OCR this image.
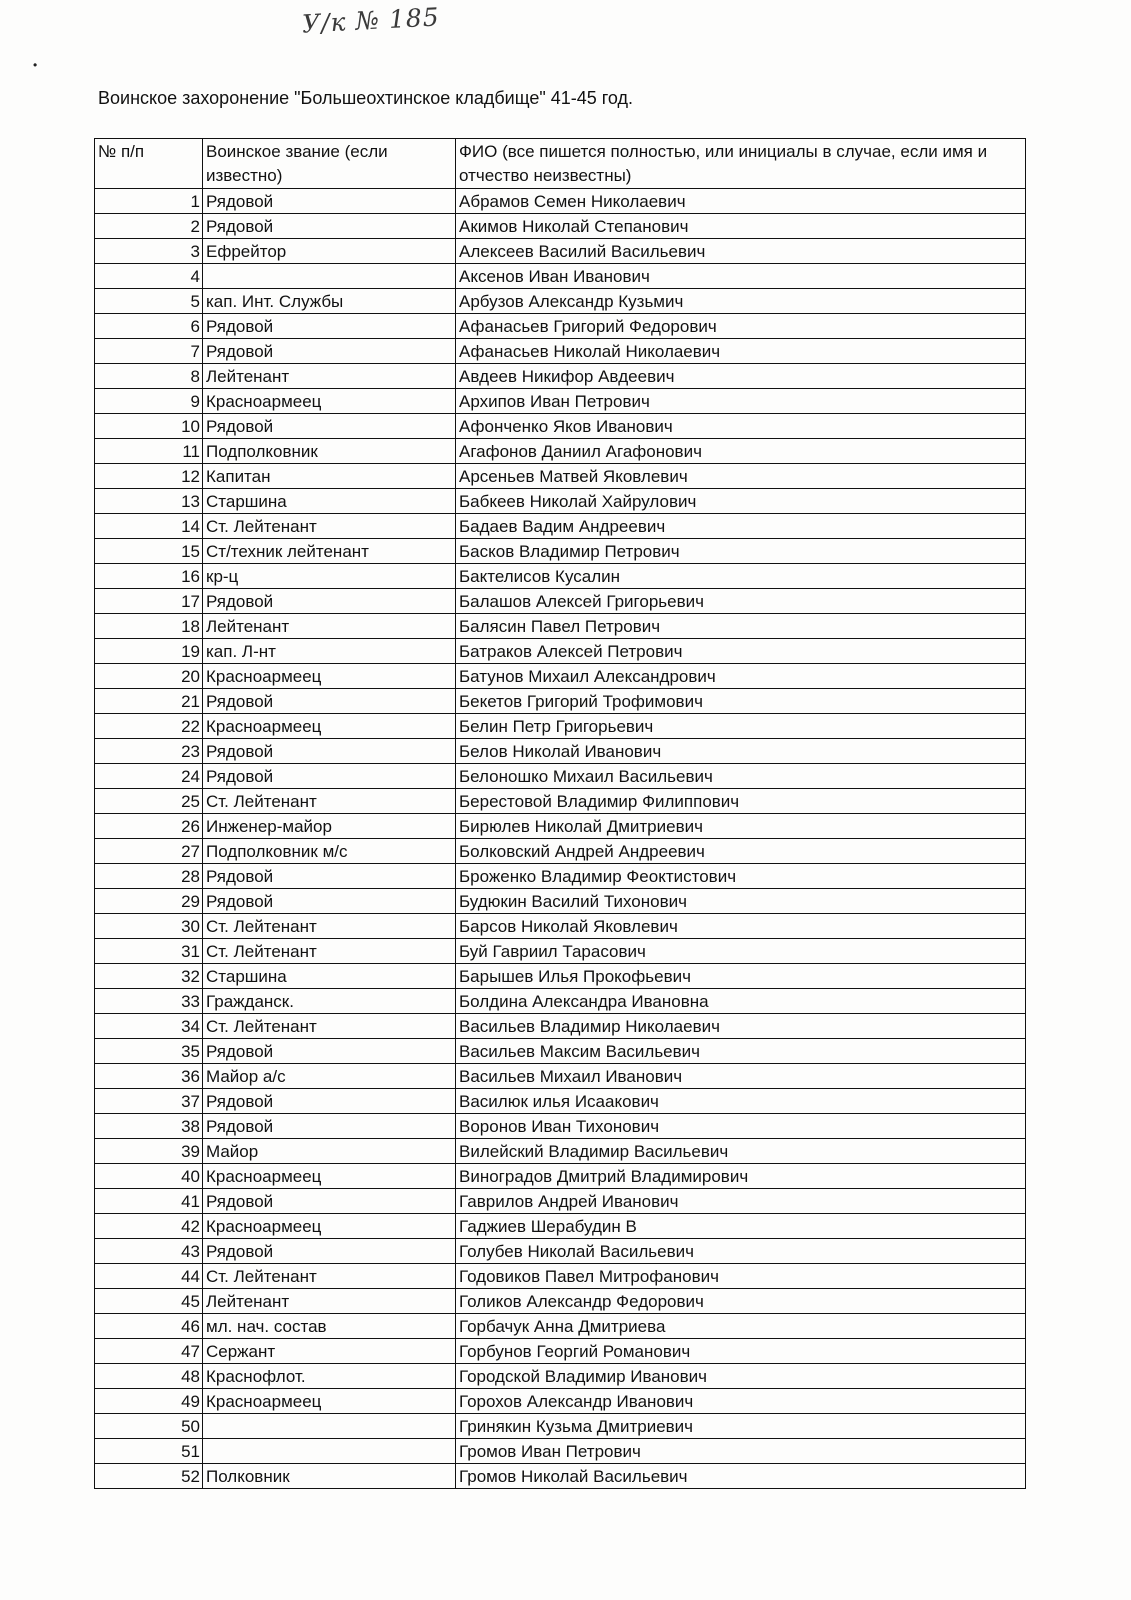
У/к № 185
•
Воинское захоронение "Большеохтинское кладбище" 41-45 год.
№ п/п	Воинское звание (если известно)	ФИО (все пишется полностью, или инициалы в случае, если имя и отчество неизвестны)
1	Рядовой	Абрамов Семен Николаевич
2	Рядовой	Акимов Николай Степанович
3	Ефрейтор	Алексеев Василий Васильевич
4		Аксенов Иван Иванович
5	кап. Инт. Службы	Арбузов Александр Кузьмич
6	Рядовой	Афанасьев Григорий Федорович
7	Рядовой	Афанасьев Николай Николаевич
8	Лейтенант	Авдеев Никифор Авдеевич
9	Красноармеец	Архипов Иван Петрович
10	Рядовой	Афонченко Яков Иванович
11	Подполковник	Агафонов Даниил Агафонович
12	Капитан	Арсеньев Матвей Яковлевич
13	Старшина	Бабкеев Николай Хайрулович
14	Ст. Лейтенант	Бадаев Вадим Андреевич
15	Ст/техник лейтенант	Басков Владимир Петрович
16	кр-ц	Бактелисов Кусалин
17	Рядовой	Балашов Алексей Григорьевич
18	Лейтенант	Балясин Павел Петрович
19	кап. Л-нт	Батраков Алексей Петрович
20	Красноармеец	Батунов Михаил Александрович
21	Рядовой	Бекетов Григорий Трофимович
22	Красноармеец	Белин Петр Григорьевич
23	Рядовой	Белов Николай Иванович
24	Рядовой	Белоношко Михаил Васильевич
25	Ст. Лейтенант	Берестовой Владимир Филиппович
26	Инженер-майор	Бирюлев Николай Дмитриевич
27	Подполковник м/с	Болковский Андрей Андреевич
28	Рядовой	Броженко Владимир Феоктистович
29	Рядовой	Будюкин Василий Тихонович
30	Ст. Лейтенант	Барсов Николай Яковлевич
31	Ст. Лейтенант	Буй Гавриил Тарасович
32	Старшина	Барышев Илья Прокофьевич
33	Гражданск.	Болдина Александра Ивановна
34	Ст. Лейтенант	Васильев Владимир Николаевич
35	Рядовой	Васильев Максим Васильевич
36	Майор а/с	Васильев Михаил Иванович
37	Рядовой	Василюк илья Исаакович
38	Рядовой	Воронов Иван Тихонович
39	Майор	Вилейский Владимир Васильевич
40	Красноармеец	Виноградов Дмитрий Владимирович
41	Рядовой	Гаврилов Андрей Иванович
42	Красноармеец	Гаджиев Шерабудин В
43	Рядовой	Голубев Николай Васильевич
44	Ст. Лейтенант	Годовиков Павел Митрофанович
45	Лейтенант	Голиков Александр Федорович
46	мл. нач. состав	Горбачук Анна Дмитриева
47	Сержант	Горбунов Георгий Романович
48	Краснофлот.	Городской Владимир Иванович
49	Красноармеец	Горохов Александр Иванович
50		Гринякин Кузьма Дмитриевич
51		Громов Иван Петрович
52	Полковник	Громов Николай Васильевич
